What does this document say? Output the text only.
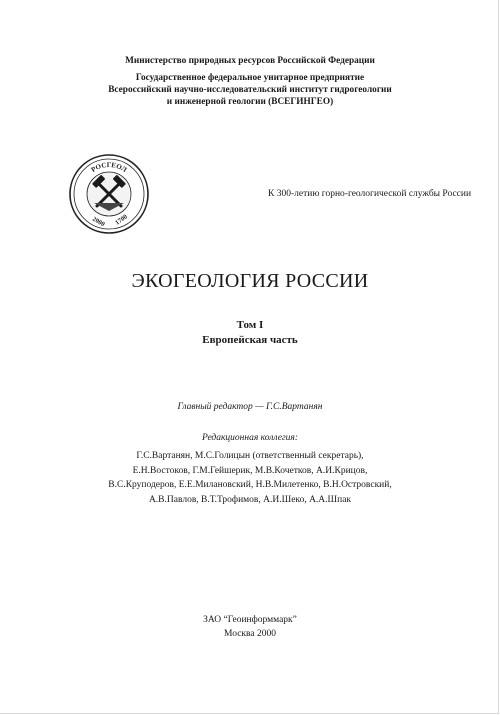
Министерство природных ресурсов Российской Федерации
Государственное федеральное унитарное предприятие
Всероссийский научно-исследовательский институт гидрогеологии
и инженерной геологии (ВСЕГИНГЕО)
РОСГЕОЛ
2000 1700
К 300-летию горно-геологической службы России
ЭКОГЕОЛОГИЯ РОССИИ
Том I
Европейская часть
Главный редактор — Г.С.Вартанян
Редакционная коллегия:
Г.С.Вартанян, М.С.Голицын (ответственный секретарь),
Е.Н.Востоков, Г.М.Гейшерик, М.В.Кочетков, А.И.Крицов,
В.С.Круподеров, Е.Е.Милановский, Н.В.Милетенко, В.Н.Островский,
А.В.Павлов, В.Т.Трофимов, А.И.Шеко, А.А.Шпак
ЗАО “Геоинформмарк”
Москва 2000
